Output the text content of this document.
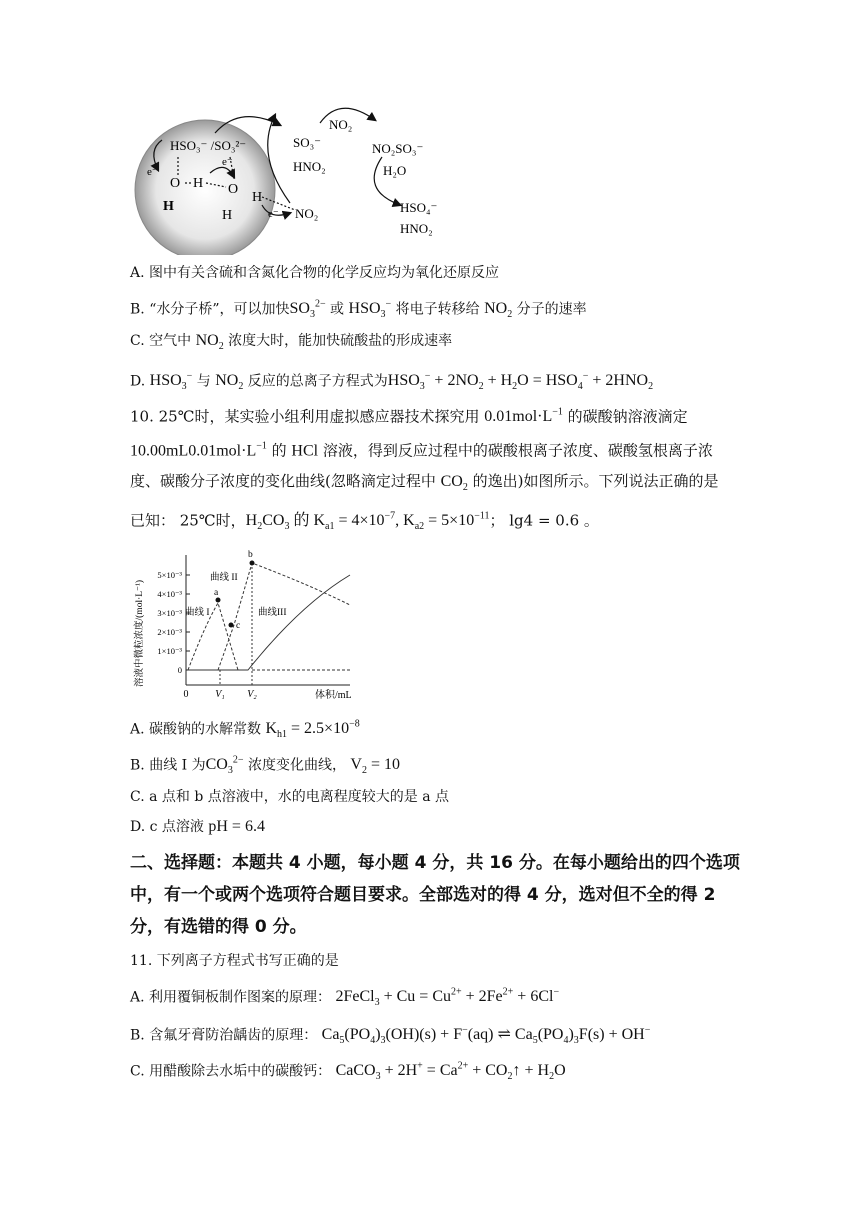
HSO₃⁻ /SO₃²⁻
e⁻
e⁻
O H
H
O
H
H	e⁻ NO₂
SO₃⁻
HNO₂
NO₂
NO₂SO₃⁻
H₂O
HSO₄⁻
HNO₂
A. 图中有关含硫和含氮化合物的化学反应均为氧化还原反应
B. “水分子桥”，可以加快$SO_3^{2-}$ 或 $HSO_3^-$ 将电子转移给 $NO_2$ 分子的速率
C. 空气中 $NO_2$ 浓度大时，能加快硫酸盐的形成速率
D. $HSO_3^-$ 与 $NO_2$ 反应的总离子方程式为$HSO_3^- + 2NO_2 + H_2O = HSO_4^- + 2HNO_2$
10. 25℃时，某实验小组利用虚拟感应器技术探究用 $0.01mol\cdot L^{-1}$ 的碳酸钠溶液滴定
$10.00mL0.01mol\cdot L^{-1}$ 的 HCl 溶液，得到反应过程中的碳酸根离子浓度、碳酸氢根离子浓
度、碳酸分子浓度的变化曲线(忽略滴定过程中 $CO_2$ 的逸出)如图所示。下列说法正确的是
已知： 25℃时，$H_2CO_3$ 的 $K_{a1} = 4\times 10^{-7}$, $K_{a2} = 5\times 10^{-11}$； lg4 = 0.6 。
溶液中微粒浓度/(mol·L⁻¹)	0
1×10⁻³
2×10⁻³
3×10⁻³
4×10⁻³
5×10⁻³
0	V₁ V₂
曲线 I
曲线 II
曲线III
a
b
c
体积/mL
A. 碳酸钠的水解常数 $K_{h1} = 2.5\times 10^{-8}$
B. 曲线 I 为$CO_3^{2-}$ 浓度变化曲线， $V_2 = 10$
C. a 点和 b 点溶液中，水的电离程度较大的是 a 点
D. c 点溶液 pH = 6.4
二、选择题：本题共 4 小题，每小题 4 分，共 16 分。在每小题给出的四个选项
中，有一个或两个选项符合题目要求。全部选对的得 4 分，选对但不全的得 2
分，有选错的得 0 分。
11. 下列离子方程式书写正确的是
A. 利用覆铜板制作图案的原理： 2FeCl$_3$ + $Cu = Cu^{2+} + 2Fe^{2+} + 6Cl^-$
B. 含氟牙膏防治龋齿的原理： $Ca_5(PO_4)_3(OH)(s) + F^-(aq)$ ⇌ $Ca_5(PO_4)_3F(s) + OH^-$
C. 用醋酸除去水垢中的碳酸钙： CaCO$_3$ + $2H^+ = Ca^{2+}$ + $CO_2↑ + H_2O$
